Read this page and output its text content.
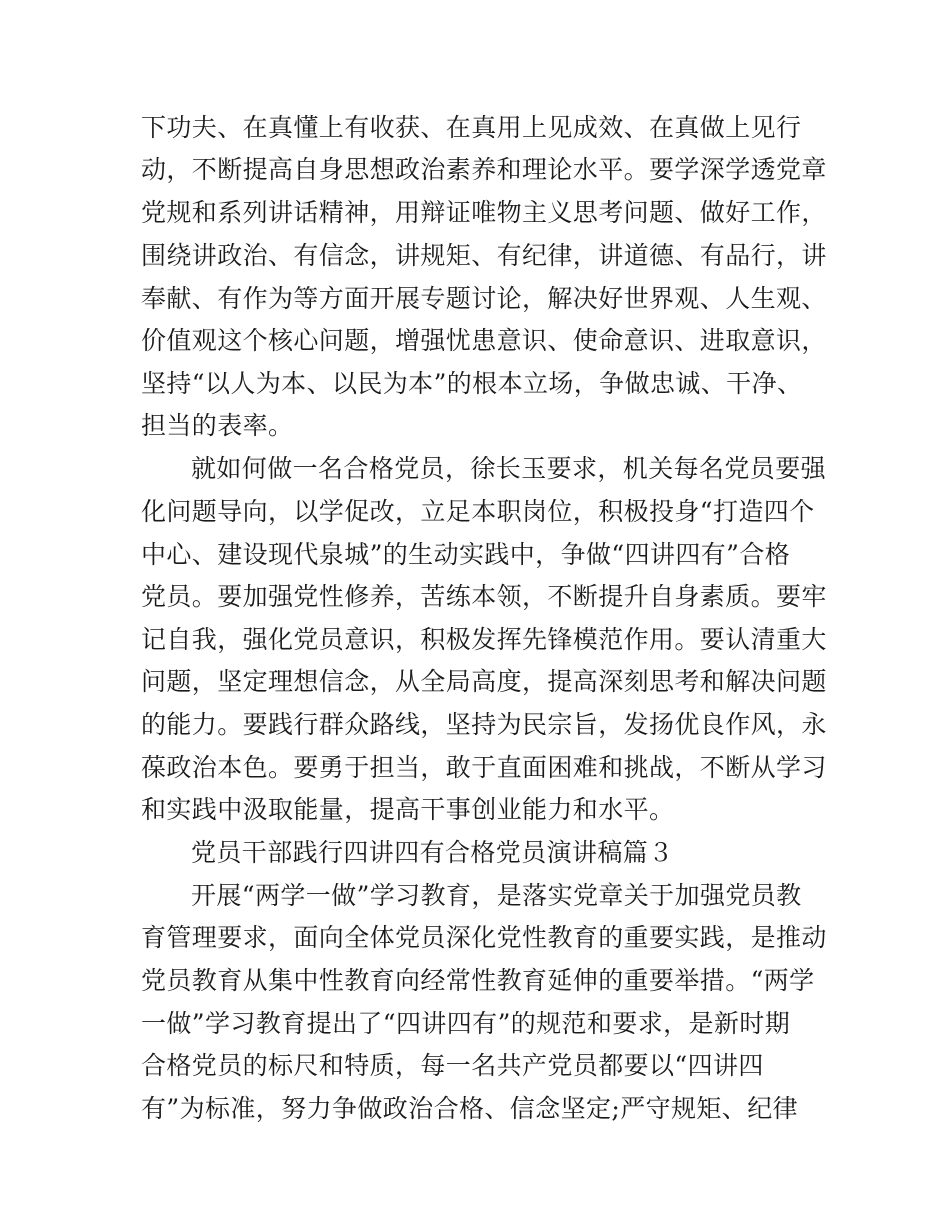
下功夫、在真懂上有收获、在真用上见成效、在真做上见行
动，不断提高自身思想政治素养和理论水平。要学深学透党章
党规和系列讲话精神，用辩证唯物主义思考问题、做好工作，
围绕讲政治、有信念，讲规矩、有纪律，讲道德、有品行，讲
奉献、有作为等方面开展专题讨论，解决好世界观、人生观、
价值观这个核心问题，增强忧患意识、使命意识、进取意识，
坚持“以人为本、以民为本”的根本立场，争做忠诚、干净、
担当的表率。
就如何做一名合格党员，徐长玉要求，机关每名党员要强
化问题导向，以学促改，立足本职岗位，积极投身“打造四个
中心、建设现代泉城”的生动实践中，争做“四讲四有”合格
党员。要加强党性修养，苦练本领，不断提升自身素质。要牢
记自我，强化党员意识，积极发挥先锋模范作用。要认清重大
问题，坚定理想信念，从全局高度，提高深刻思考和解决问题
的能力。要践行群众路线，坚持为民宗旨，发扬优良作风，永
葆政治本色。要勇于担当，敢于直面困难和挑战，不断从学习
和实践中汲取能量，提高干事创业能力和水平。
党员干部践行四讲四有合格党员演讲稿篇３
开展“两学一做”学习教育，是落实党章关于加强党员教
育管理要求，面向全体党员深化党性教育的重要实践，是推动
党员教育从集中性教育向经常性教育延伸的重要举措。“两学
一做”学习教育提出了“四讲四有”的规范和要求，是新时期
合格党员的标尺和特质，每一名共产党员都要以“四讲四
有”为标准，努力争做政治合格、信念坚定;严守规矩、纪律
